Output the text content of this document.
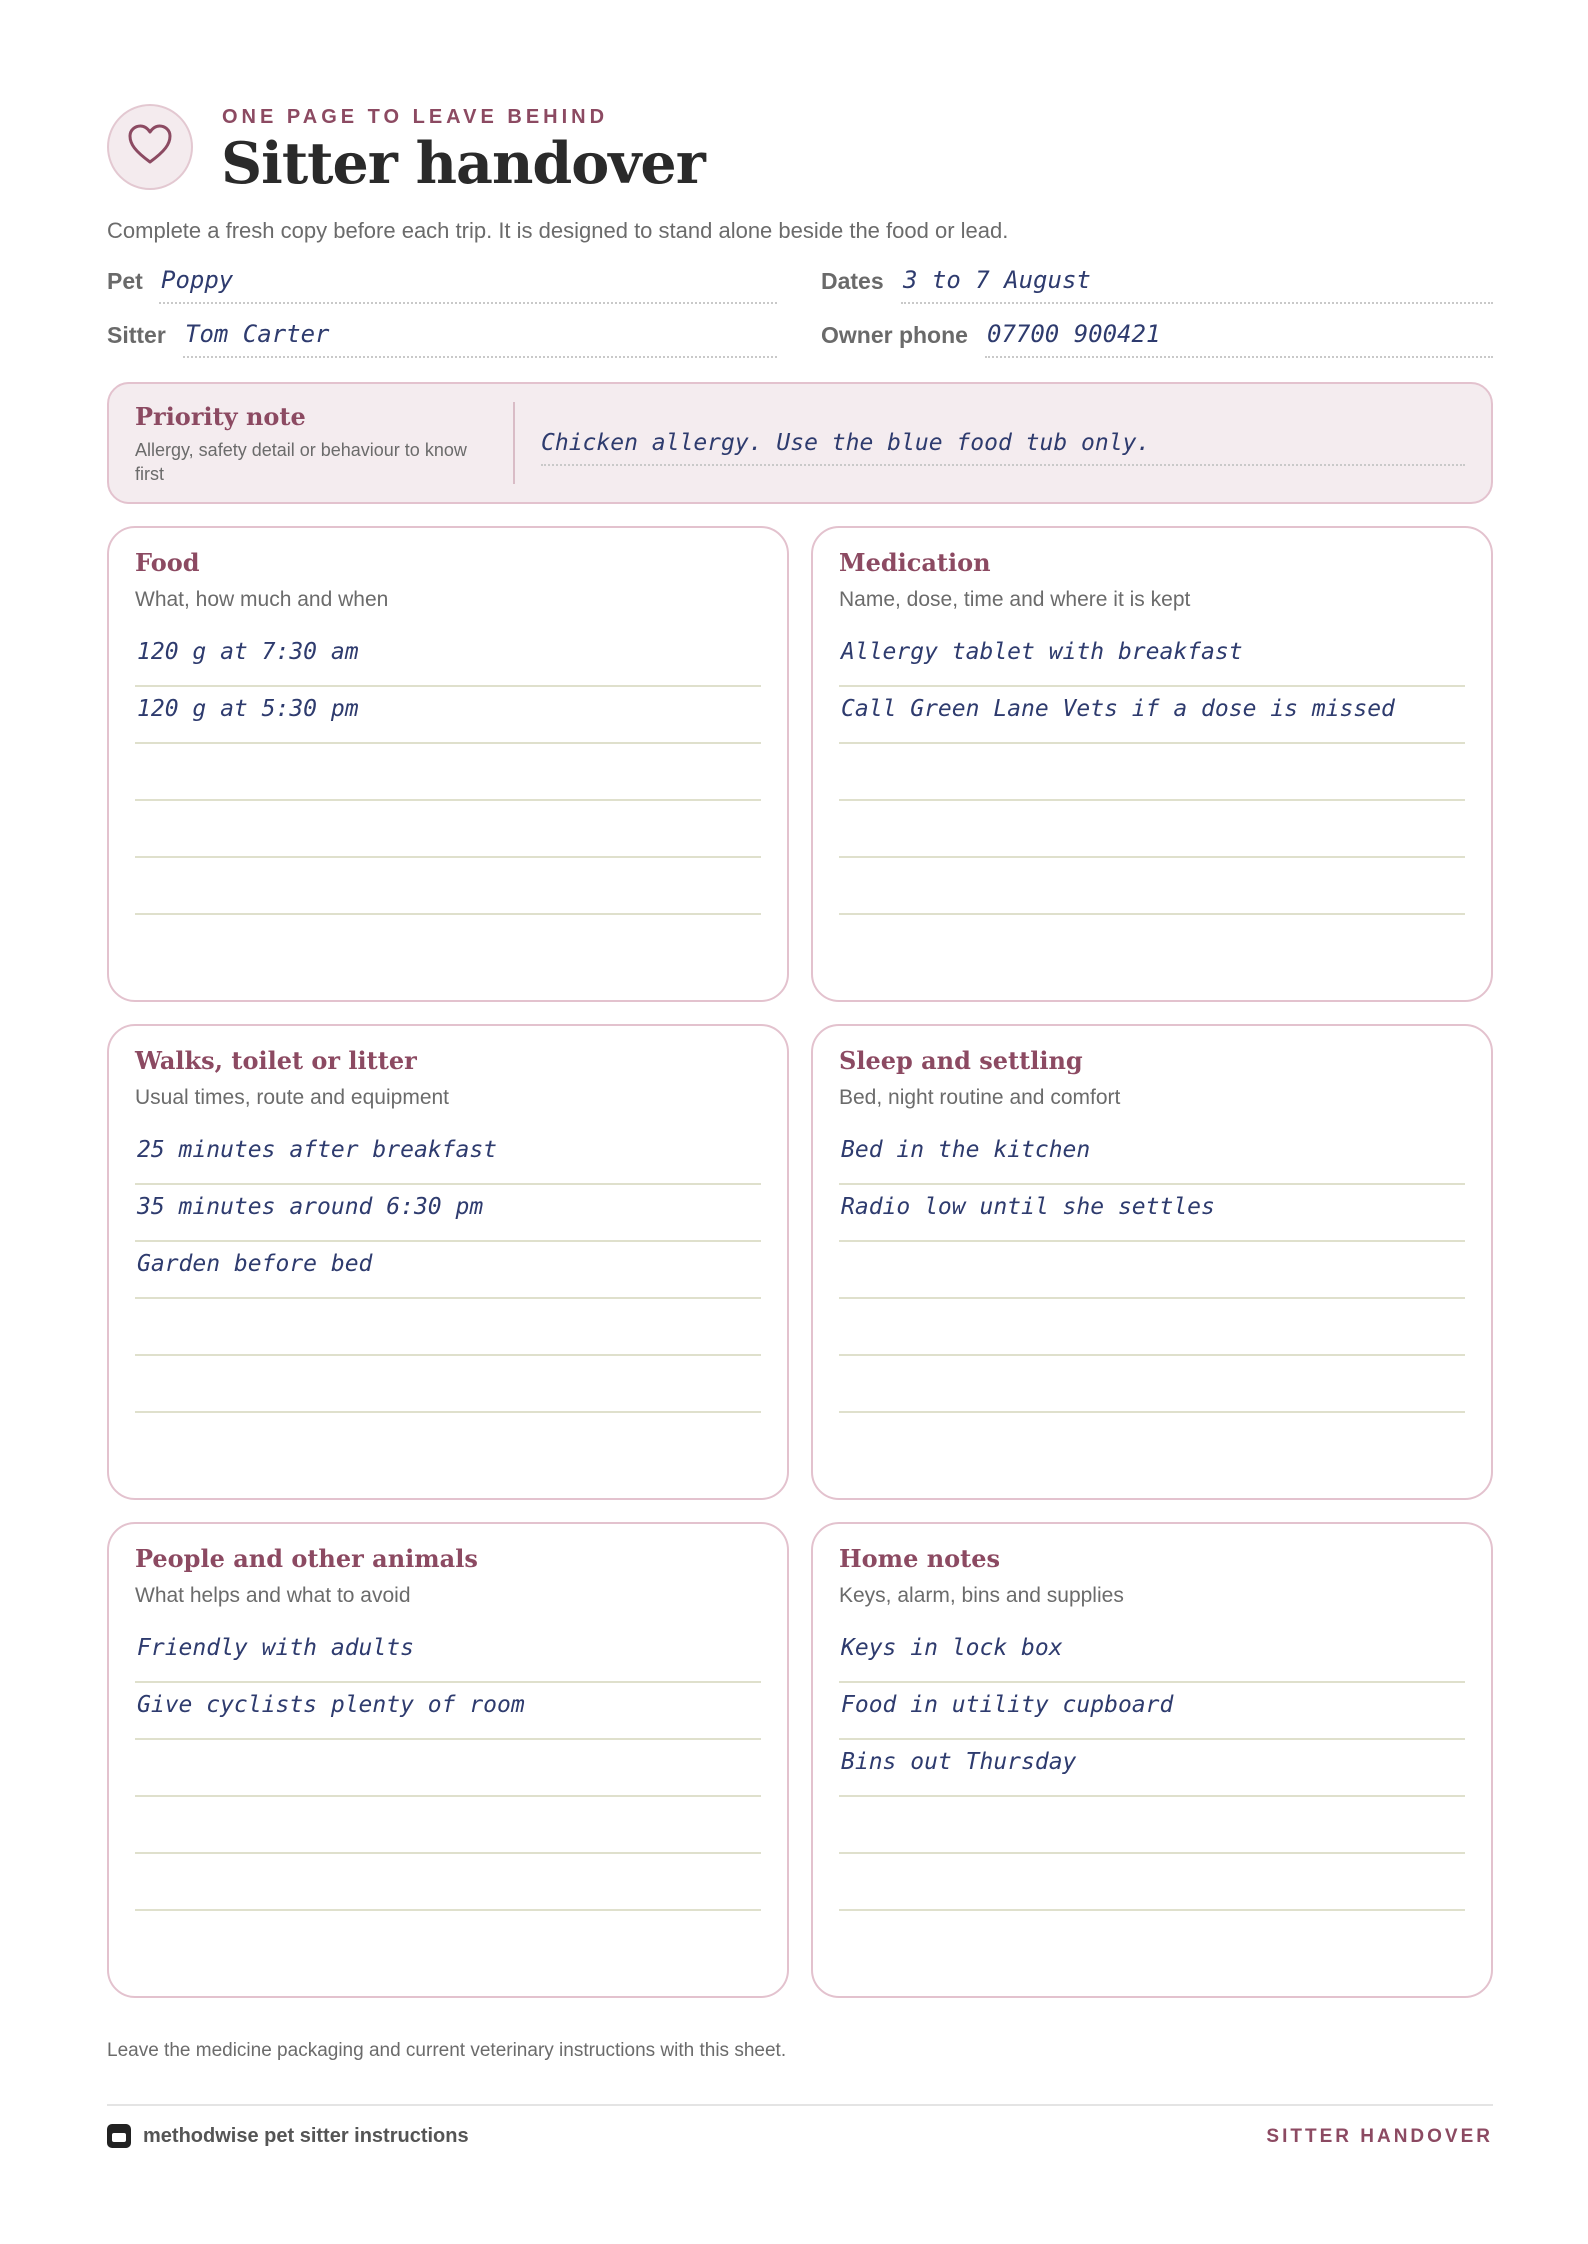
ONE PAGE TO LEAVE BEHIND
Sitter handover
Complete a fresh copy before each trip. It is designed to stand alone beside the food or lead.
Pet Poppy	Dates 3 to 7 August
Sitter Tom Carter	Owner phone 07700 900421
Priority note
Allergy, safety detail or behaviour to know first
Chicken allergy. Use the blue food tub only.
Food
What, how much and when
120 g at 7:30 am
120 g at 5:30 pm
Medication
Name, dose, time and where it is kept
Allergy tablet with breakfast
Call Green Lane Vets if a dose is missed
Walks, toilet or litter
Usual times, route and equipment
25 minutes after breakfast
35 minutes around 6:30 pm
Garden before bed
Sleep and settling
Bed, night routine and comfort
Bed in the kitchen
Radio low until she settles
People and other animals
What helps and what to avoid
Friendly with adults
Give cyclists plenty of room
Home notes
Keys, alarm, bins and supplies
Keys in lock box
Food in utility cupboard
Bins out Thursday
Leave the medicine packaging and current veterinary instructions with this sheet.
methodwise pet sitter instructions	SITTER HANDOVER
